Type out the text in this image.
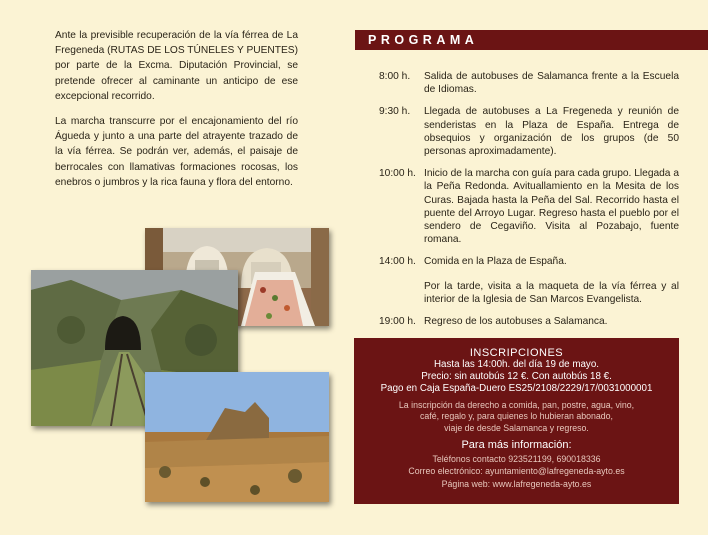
Ante la previsible recuperación de la vía férrea de La Fregeneda (RUTAS DE LOS TÚNELES Y PUENTES) por parte de la Excma. Diputación Provincial, se pretende ofrecer al caminante un anticipo de ese excepcional recorrido.

La marcha transcurre por el encajonamiento del río Águeda y junto a una parte del atrayente trazado de la vía férrea. Se podrán ver, además, el paisaje de berrocales con llamativas formaciones rocosas, los enebros o jumbros y la rica fauna y flora del entorno.

PROGRAMA
8:00 h.	Salida de autobuses de Salamanca frente a la Escuela de Idiomas.
9:30 h.	Llegada de autobuses a La Fregeneda y reunión de senderistas en la Plaza de España. Entrega de obsequios y organización de los grupos (de 50 personas aproximadamente).
10:00 h. Inicio de la marcha con guía para cada grupo. Llegada a la Peña Redonda. Avituallamiento en la Mesita de los Curas. Bajada hasta la Peña del Sal. Recorrido hasta el puente del Arroyo Lugar. Regreso hasta el pueblo por el sendero de Cegaviño. Visita al Pozabajo, fuente romana.
14:00 h. Comida en la Plaza de España.
Por la tarde, visita a la maqueta de la vía férrea y al interior de la Iglesia de San Marcos Evangelista.
19:00 h. Regreso de los autobuses a Salamanca.
INSCRIPCIONES
Hasta las 14:00h. del día 19 de mayo.
Precio: sin autobús 12 €. Con autobús 18 €.
Pago en Caja España-Duero ES25/2108/2229/17/0031000001
La inscripción da derecho a comida, pan, postre, agua, vino,
café, regalo y, para quienes lo hubieran abonado,
viaje de desde Salamanca y regreso.
Para más información:
Teléfonos contacto 923521199, 690018336
Correo electrónico: ayuntamiento@lafregeneda-ayto.es
Página web: www.lafregeneda-ayto.es
